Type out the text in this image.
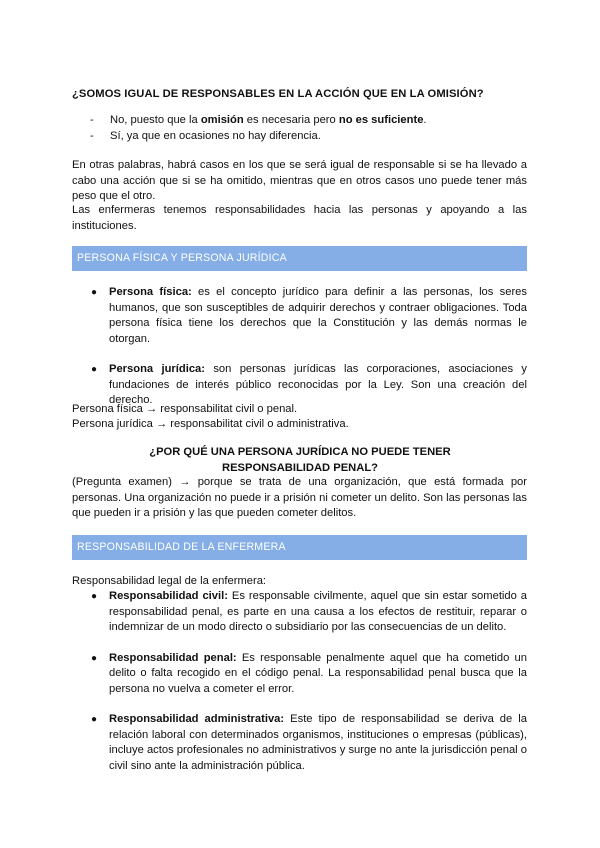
¿SOMOS IGUAL DE RESPONSABLES EN LA ACCIÓN QUE EN LA OMISIÓN?
-	No, puesto que la omisión es necesaria pero no es suficiente.
-	Sí, ya que en ocasiones no hay diferencia.
En otras palabras, habrá casos en los que se será igual de responsable si se ha llevado a cabo una acción que si se ha omitido, mientras que en otros casos uno puede tener más peso que el otro.
Las enfermeras tenemos responsabilidades hacia las personas y apoyando a las instituciones.
PERSONA FÍSICA Y PERSONA JURÍDICA
●	Persona física: es el concepto jurídico para definir a las personas, los seres humanos, que son susceptibles de adquirir derechos y contraer obligaciones. Toda persona física tiene los derechos que la Constitución y las demás normas le otorgan.
●	Persona jurídica: son personas jurídicas las corporaciones, asociaciones y fundaciones de interés público reconocidas por la Ley. Son una creación del derecho.
Persona física → responsabilitat civil o penal.
Persona jurídica → responsabilitat civil o administrativa.
¿POR QUÉ UNA PERSONA JURÍDICA NO PUEDE TENER RESPONSABILIDAD PENAL?
(Pregunta examen) → porque se trata de una organización, que está formada por personas. Una organización no puede ir a prisión ni cometer un delito. Son las personas las que pueden ir a prisión y las que pueden cometer delitos.
RESPONSABILIDAD DE LA ENFERMERA
Responsabilidad legal de la enfermera:
●	Responsabilidad civil: Es responsable civilmente, aquel que sin estar sometido a responsabilidad penal, es parte en una causa a los efectos de restituir, reparar o indemnizar de un modo directo o subsidiario por las consecuencias de un delito.
●	Responsabilidad penal: Es responsable penalmente aquel que ha cometido un delito o falta recogido en el código penal. La responsabilidad penal busca que la persona no vuelva a cometer el error.
●	Responsabilidad administrativa: Este tipo de responsabilidad se deriva de la relación laboral con determinados organismos, instituciones o empresas (públicas), incluye actos profesionales no administrativos y surge no ante la jurisdicción penal o civil sino ante la administración pública.
